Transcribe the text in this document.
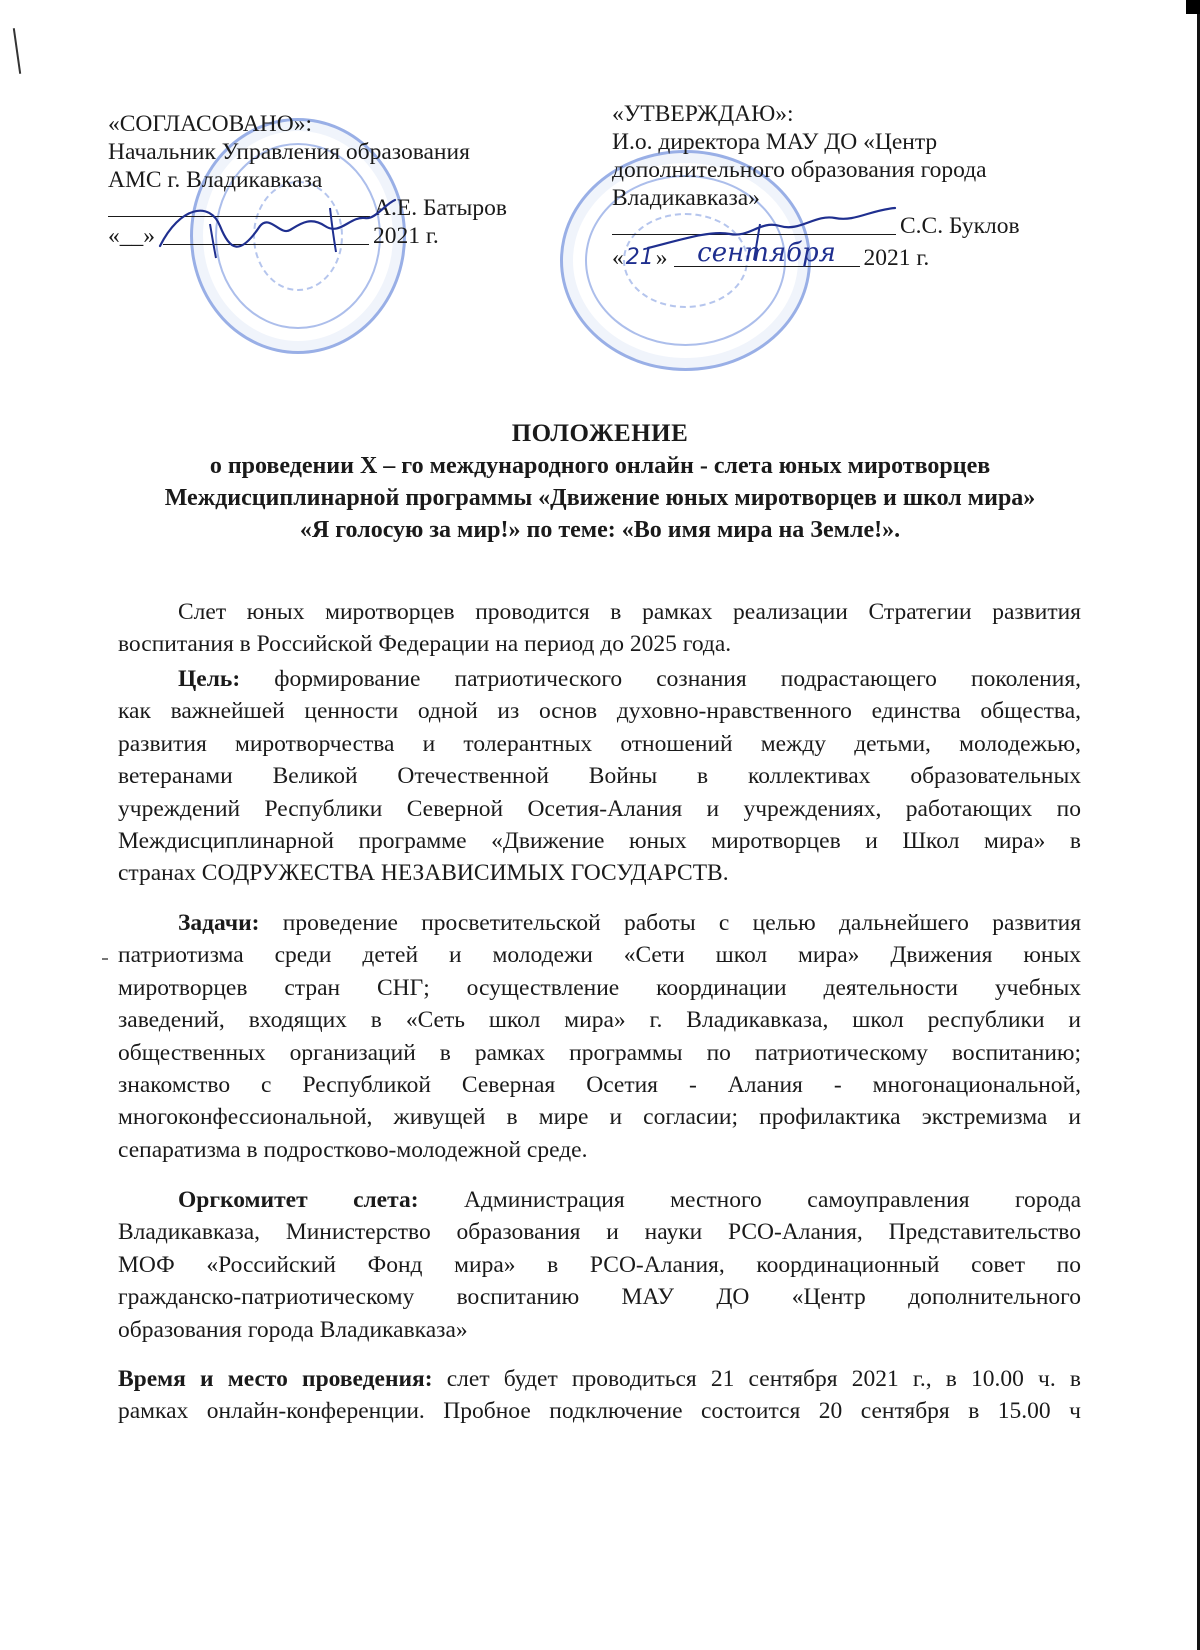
«СОГЛАСОВАНО»:
Начальник Управления образования
АМС г. Владикавказа
А.Е. Батыров
«__»	2021 г.
«УТВЕРЖДАЮ»:
И.о. директора МАУ ДО «Центр
дополнительного образования города
Владикавказа»
С.С. Буклов
« 21 »	сентября	2021 г.
ПОЛОЖЕНИЕ
о проведении Х – го международного онлайн - слета юных миротворцев
Междисциплинарной программы «Движение юных миротворцев и школ мира»
«Я голосую за мир!» по теме: «Во имя мира на Земле!».
Слет юных миротворцев проводится в рамках реализации Стратегии развития
воспитания в Российской Федерации на период до 2025 года.
Цель: формирование патриотического сознания подрастающего поколения,
как важнейшей ценности одной из основ духовно-нравственного единства общества,
развития миротворчества и толерантных отношений между детьми, молодежью,
ветеранами Великой Отечественной Войны в коллективах образовательных
учреждений Республики Северной Осетия-Алания и учреждениях, работающих по
Междисциплинарной программе «Движение юных миротворцев и Школ мира» в
странах СОДРУЖЕСТВА НЕЗАВИСИМЫХ ГОСУДАРСТВ.
Задачи: проведение просветительской работы с целью дальнейшего развития
патриотизма среди детей и молодежи «Сети школ мира» Движения юных
миротворцев стран СНГ; осуществление координации деятельности учебных
заведений, входящих в «Сеть школ мира» г. Владикавказа, школ республики и
общественных организаций в рамках программы по патриотическому воспитанию;
знакомство с Республикой Северная Осетия - Алания - многонациональной,
многоконфессиональной, живущей в мире и согласии; профилактика экстремизма и
сепаратизма в подростково-молодежной среде.
Оргкомитет слета: Администрация местного самоуправления города
Владикавказа, Министерство образования и науки РСО-Алания, Представительство
МОФ «Российский Фонд мира» в РСО-Алания, координационный совет по
гражданско-патриотическому воспитанию МАУ ДО «Центр дополнительного
образования города Владикавказа»
Время и место проведения: слет будет проводиться 21 сентября 2021 г., в 10.00 ч. в
рамках онлайн-конференции. Пробное подключение состоится 20 сентября в 15.00 ч
